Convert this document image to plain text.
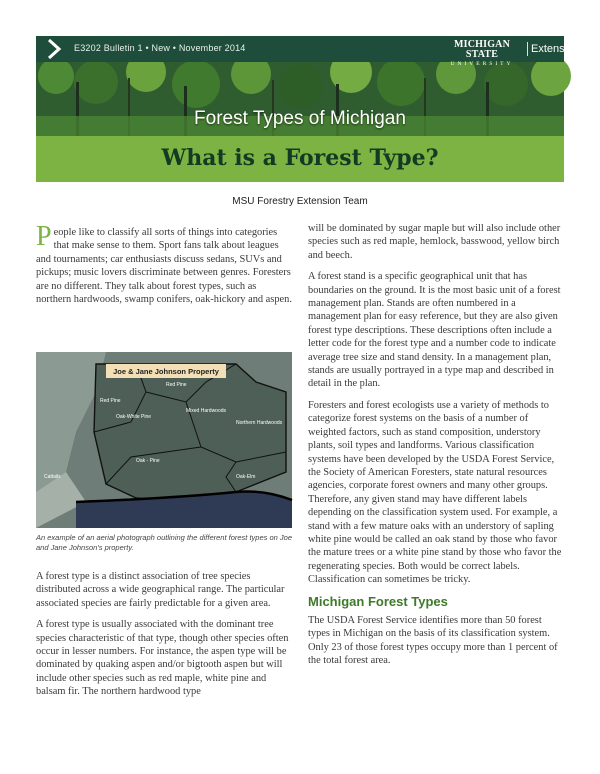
E3202 Bulletin 1 • New • November 2014	MICHIGAN STATE
UNIVERSITY
Extension
Forest Types of Michigan
What is a Forest Type?
MSU Forestry Extension Team

People like to classify all sorts of things into categories that make sense to them. Sport fans talk about leagues and tournaments; car enthusiasts discuss sedans, SUVs and pickups; music lovers discriminate between genres. Foresters are no different. They talk about forest types, such as northern hardwoods, swamp conifers, oak-hickory and aspen.

Joe & Jane Johnson Property
Red Pine
Red Pine
Oak-White Pine
Mixed Hardwoods
Northern Hardwoods
Oak - Pine
Cattails	Oak-Elm
An example of an aerial photograph outlining the different forest types on Joe and Jane Johnson's property.

A forest type is a distinct association of tree species distributed across a wide geographical range. The particular associated species are fairly predictable for a given area.

A forest type is usually associated with the dominant tree species characteristic of that type, though other species often occur in lesser numbers. For instance, the aspen type will be dominated by quaking aspen and/or bigtooth aspen but will include other species such as red maple, white pine and balsam fir. The northern hardwood type

will be dominated by sugar maple but will also include other species such as red maple, hemlock, basswood, yellow birch and beech.

A forest stand is a specific geographical unit that has boundaries on the ground. It is the most basic unit of a forest management plan. Stands are often numbered in a management plan for easy reference, but they are also given forest type descriptions. These descriptions often include a letter code for the forest type and a number code to indicate average tree size and stand density. In a management plan, stands are usually portrayed in a type map and described in detail in the plan.

Foresters and forest ecologists use a variety of methods to categorize forest systems on the basis of a number of weighted factors, such as stand composition, understory plants, soil types and landforms. Various classification systems have been developed by the USDA Forest Service, the Society of American Foresters, state natural resources agencies, corporate forest owners and many other groups. Therefore, any given stand may have different labels depending on the classification system used. For example, a stand with a few mature oaks with an understory of sapling white pine would be called an oak stand by those who favor the mature trees or a white pine stand by those who favor the regenerating species. Both would be correct labels. Classification can sometimes be tricky.

Michigan Forest Types

The USDA Forest Service identifies more than 50 forest types in Michigan on the basis of its classification system. Only 23 of those forest types occupy more than 1 percent of the total forest area.
